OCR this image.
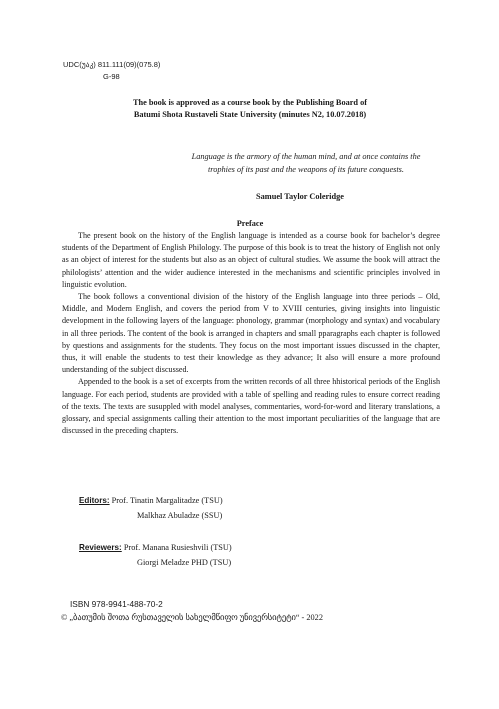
UDC(უაკ) 811.111(09)(075.8)
G-98
The book is approved as a course book by the Publishing Board of
Batumi Shota Rustaveli State University (minutes N2, 10.07.2018)
Language is the armory of the human mind, and at once contains the
trophies of its past and the weapons of its future conquests.
Samuel Taylor Coleridge
Preface

The present book on the history of the English language is intended as a course book for bachelor’s degree students of the Department of English Philology. The purpose of this book is to treat the history of English not only as an object of interest for the students but also as an object of cultural studies. We assume the book will attract the philologists’ attention and the wider audience interested in the mechanisms and scientific principles involved in linguistic evolution.

The book follows a conventional division of the history of the English language into three periods – Old, Middle, and Modern English, and covers the period from V to XVIII centuries, giving insights into linguistic development in the following layers of the language: phonology, grammar (morphology and syntax) and vocabulary in all three periods. The content of the book is arranged in chapters and small pparagraphs each chapter is followed by questions and assignments for the students. They focus on the most important issues discussed in the chapter, thus, it will enable the students to test their knowledge as they advance; It also will ensure a more profound understanding of the subject discussed.

Appended to the book is a set of excerpts from the written records of all three hhistorical periods of the English language. For each period, students are provided with a table of spelling and reading rules to ensure correct reading of the texts. The texts are susuppled with model analyses, commentaries, word-for-word and literary translations, a glossary, and special assignments calling their attention to the most important peculiarities of the language that are discussed in the preceding chapters.

Editors: Prof. Tinatin Margalitadze (TSU)
Malkhaz Abuladze (SSU)
Reviewers: Prof. Manana Rusieshvili (TSU)
Giorgi Meladze PHD (TSU)
ISBN 978-9941-488-70-2
© „ბათუმის შოთა რუსთაველის სახელმწიფო უნივერსიტეტი“ - 2022
